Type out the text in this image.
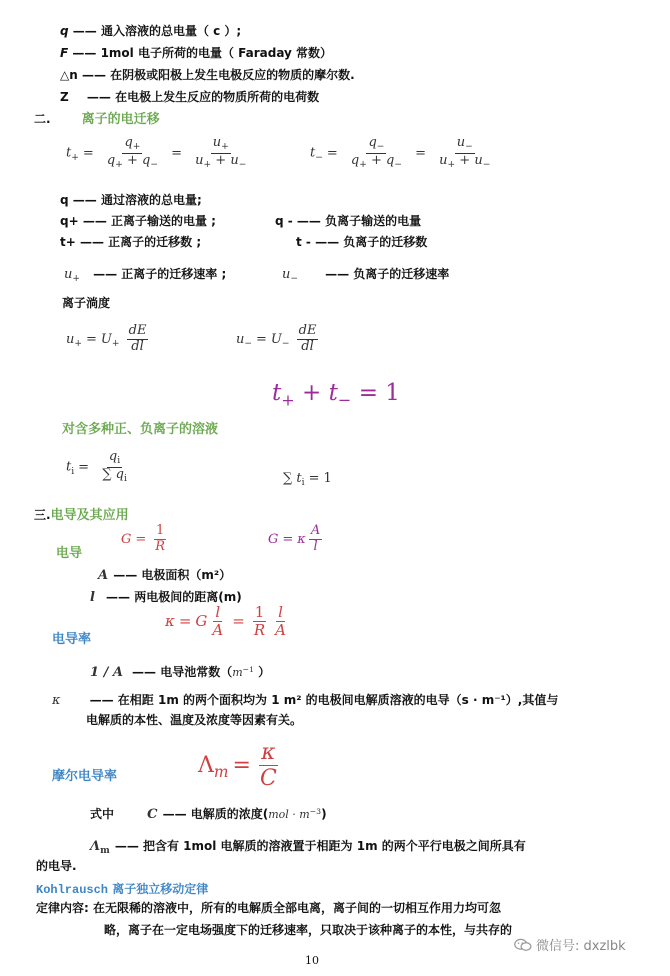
q —— 通入溶液的总电量（ c ）;
F —— 1mol 电子所荷的电量（ Faraday 常数）
△n —— 在阴极或阳极上发生电极反应的物质的摩尔数.
Z —— 在电极上发生反应的物质所荷的电荷数
二. 离子的电迁移
$t_+ = \frac{q_+}{q_+ + q_-} = \frac{u_+}{u_+ + u_-}$	$t_- = \frac{q_-}{q_+ + q_-} = \frac{u_-}{u_+ + u_-}$
q —— 通过溶液的总电量;
q+ —— 正离子输送的电量 ;	q - —— 负离子输送的电量
t+ —— 正离子的迁移数 ;	t - —— 负离子的迁移数
$u_+$ —— 正离子的迁移速率 ;	$u_-$ —— 负离子的迁移速率
离子淌度
$u_+ = U_+ \frac{dE}{dl}$	$u_- = U_- \frac{dE}{dl}$
$t_+ + t_- = 1$
对含多种正、负离子的溶液
$t_i = \frac{q_i}{\sum q_i}$	∑ $t_i = 1$
三.电导及其应用
电导
$G = \frac{1}{R}$	G = κ $\frac{A}{l}$
A —— 电极面积（m²）
l —— 两电极间的距离(m)
电导率
κ = G $\frac{l}{A} = \frac{1}{R} \frac{l}{A}$
1 / A —— 电导池常数（$m^{-1}$ ）
κ —— 在相距 1m 的两个面积均为 1 m² 的电极间电解质溶液的电导（s · m⁻¹）,其值与
电解质的本性、温度及浓度等因素有关。
摩尔电导率	$\Lambda_m = \frac{\kappa}{C}$
式中	C —— 电解质的浓度$(mol \cdot m^{-3})$
$\Lambda_m$ —— 把含有 1mol 电解质的溶液置于相距为 1m 的两个平行电极之间所具有
的电导.
Kohlrausch 离子独立移动定律
定律内容: 在无限稀的溶液中，所有的电解质全部电离，离子间的一切相互作用力均可忽
略，离子在一定电场强度下的迁移速率，只取决于该种离子的本性，与共存的
10
微信号: dxzlbk
